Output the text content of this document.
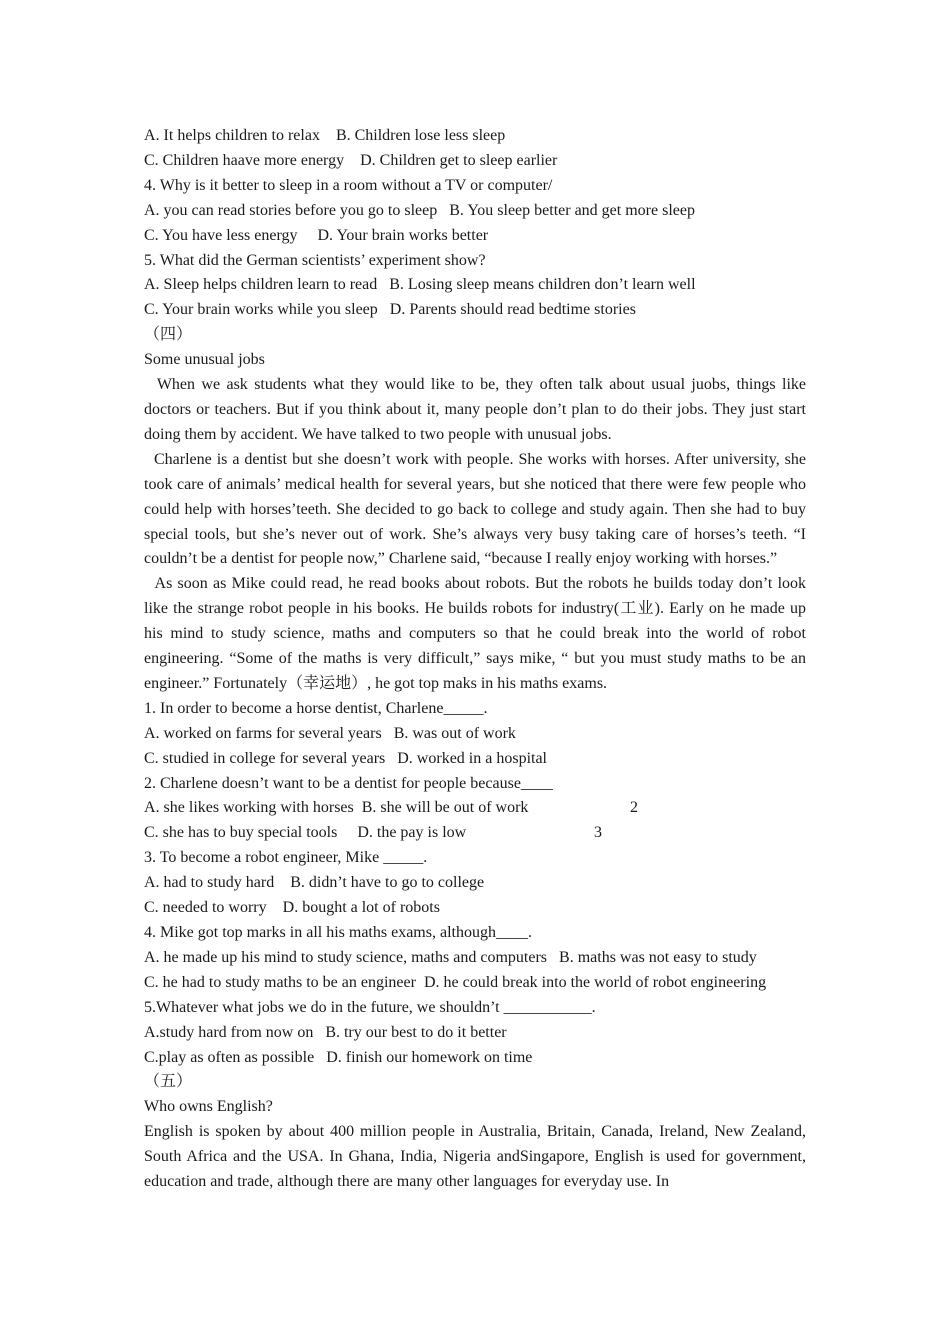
A. It helps children to relax    B. Children lose less sleep

C. Children haave more energy    D. Children get to sleep earlier

4. Why is it better to sleep in a room without a TV or computer/

A. you can read stories before you go to sleep   B. You sleep better and get more sleep

C. You have less energy     D. Your brain works better

5. What did the German scientists’ experiment show?

A. Sleep helps children learn to read   B. Losing sleep means children don’t learn well

C. Your brain works while you sleep   D. Parents should read bedtime stories

（四）

Some unusual jobs

When we ask students what they would like to be, they often talk about usual juobs, things like doctors or teachers. But if you think about it, many people don’t plan to do their jobs. They just start doing them by accident. We have talked to two people with unusual jobs.

Charlene is a dentist but she doesn’t work with people. She works with horses. After university, she took care of animals’ medical health for several years, but she noticed that there were few people who could help with horses’teeth. She decided to go back to college and study again. Then she had to buy special tools, but she’s never out of work. She’s always very busy taking care of horses’s teeth. “I couldn’t be a dentist for people now,” Charlene said, “because I really enjoy working with horses.”

As soon as Mike could read, he read books about robots. But the robots he builds today don’t look like the strange robot people in his books. He builds robots for industry(工业). Early on he made up his mind to study science, maths and computers so that he could break into the world of robot engineering. “Some of the maths is very difficult,” says mike, “ but you must study maths to be an engineer.” Fortunately（幸运地）, he got top maks in his maths exams.

1. In order to become a horse dentist, Charlene_____.

A. worked on farms for several years   B. was out of work

C. studied in college for several years   D. worked in a hospital

2. Charlene doesn’t want to be a dentist for people because____

A. she likes working with horses  B. she will be out of work	2

C. she has to buy special tools     D. the pay is low	3

3. To become a robot engineer, Mike _____.

A. had to study hard    B. didn’t have to go to college

C. needed to worry    D. bought a lot of robots

4. Mike got top marks in all his maths exams, although____.

A. he made up his mind to study science, maths and computers   B. maths was not easy to study

C. he had to study maths to be an engineer  D. he could break into the world of robot engineering

5.Whatever what jobs we do in the future, we shouldn’t ___________.

A.study hard from now on   B. try our best to do it better

C.play as often as possible   D. finish our homework on time

（五）

Who owns English?

English is spoken by about 400 million people in Australia, Britain, Canada, Ireland, New Zealand, South Africa and the USA. In Ghana, India, Nigeria andSingapore, English is used for government, education and trade, although there are many other languages for everyday use. In
